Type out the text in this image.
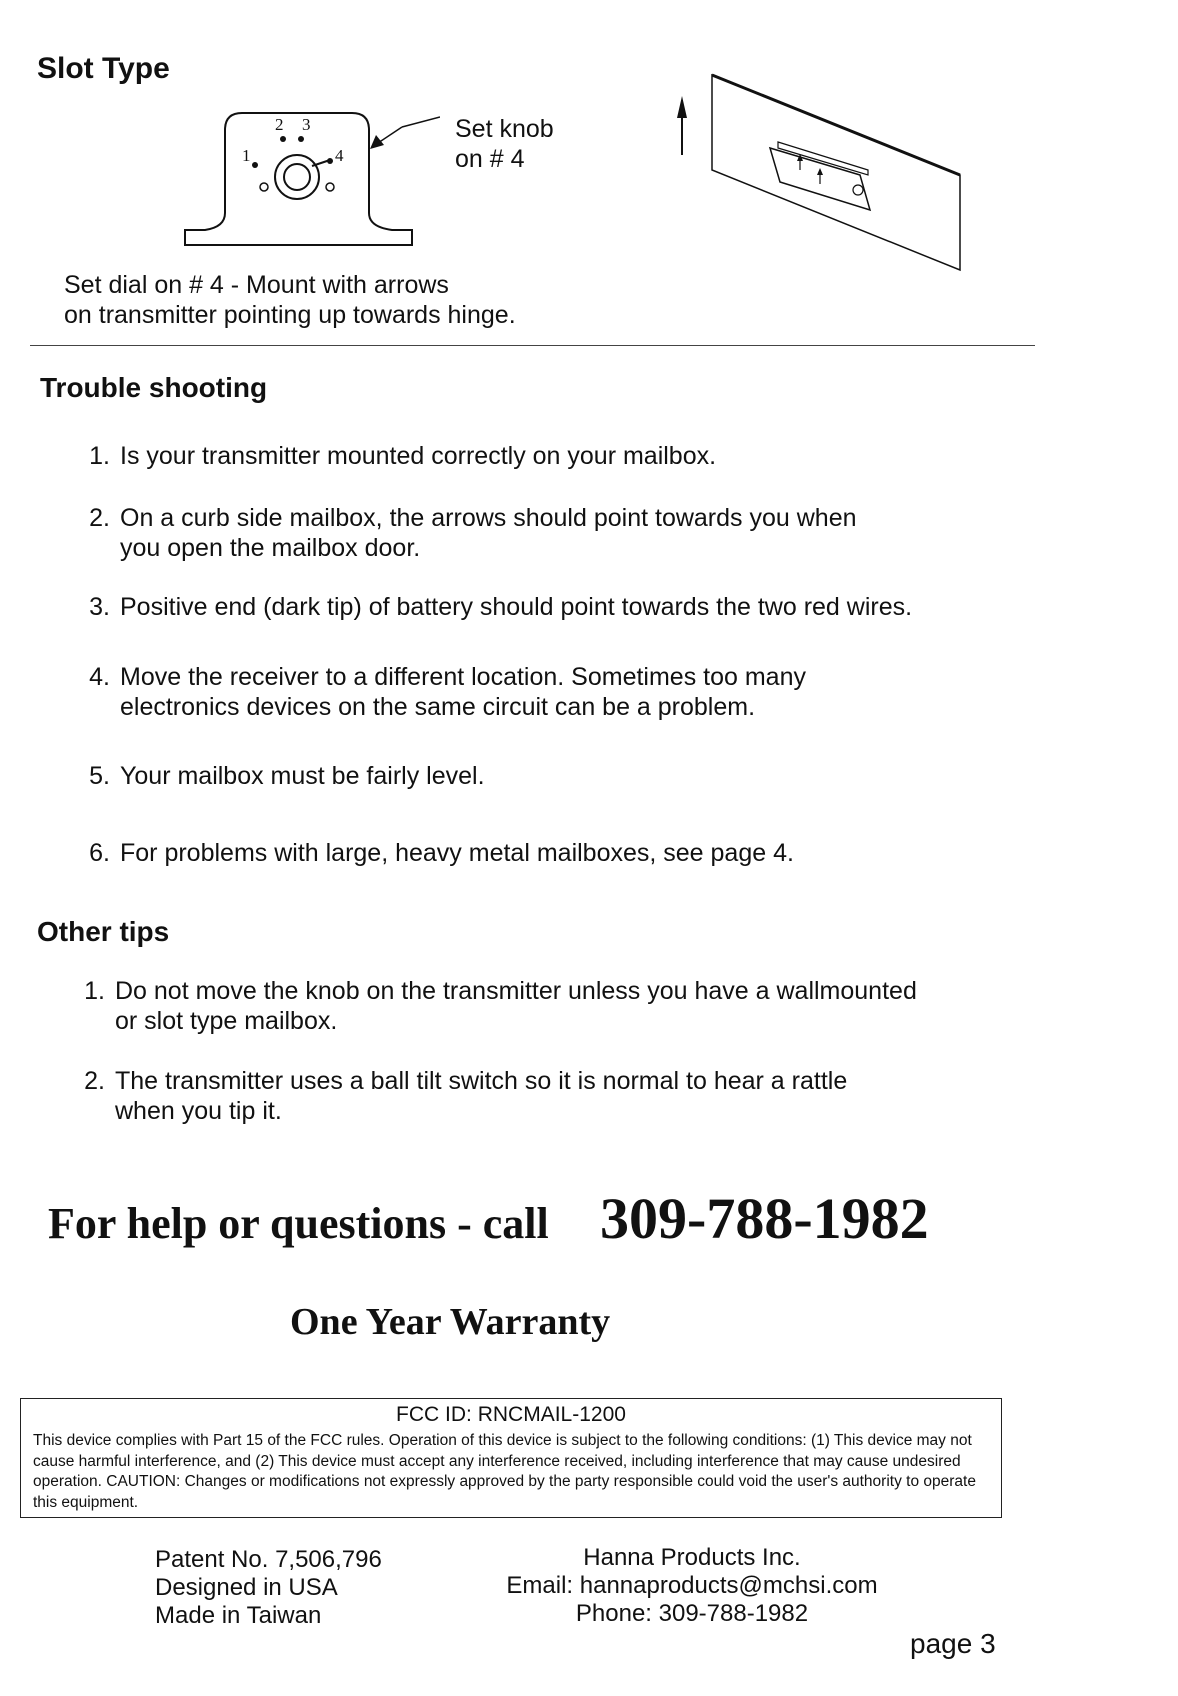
Slot Type
2 3
1	4
Set knob
on # 4
Set dial on # 4 - Mount with arrows
on transmitter pointing up towards hinge.
Trouble shooting
1. Is your transmitter mounted correctly on your mailbox.
2. On a curb side mailbox, the arrows should point towards you when
you open the mailbox door.
3. Positive end (dark tip) of battery should point towards the two red wires.
4. Move the receiver to a different location. Sometimes too many
electronics devices on the same circuit can be a problem.
5. Your mailbox must be fairly level.
6. For problems with large, heavy metal mailboxes, see page 4.
Other tips
1. Do not move the knob on the transmitter unless you have a wallmounted
or slot type mailbox.
2. The transmitter uses a ball tilt switch so it is normal to hear a rattle
when you tip it.
For help or questions - call 309-788-1982
One Year Warranty
FCC ID: RNCMAIL-1200
This device complies with Part 15 of the FCC rules. Operation of this device is subject to the following conditions: (1) This device may not cause harmful interference, and (2) This device must accept any interference received, including interference that may cause undesired operation. CAUTION: Changes or modifications not expressly approved by the party responsible could void the user's authority to operate this equipment.
Patent No. 7,506,796
Designed in USA
Made in Taiwan
Hanna Products Inc.
Email: hannaproducts@mchsi.com
Phone: 309-788-1982
page 3
